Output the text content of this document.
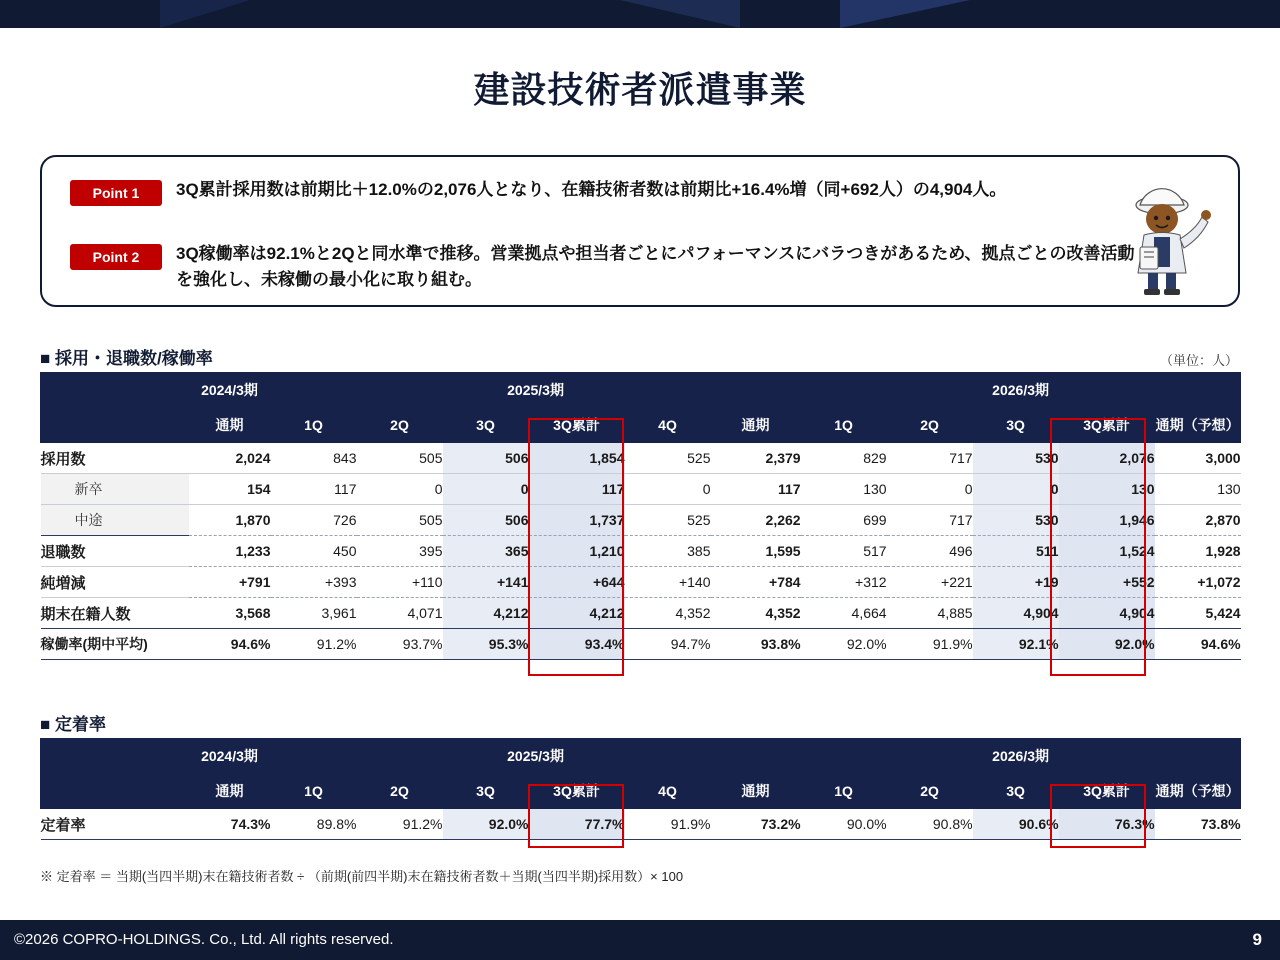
建設技術者派遣事業
Point 1	3Q累計採用数は前期比＋12.0%の2,076人となり、在籍技術者数は前期比+16.4%増（同+692人）の4,904人。
Point 2	3Q稼働率は92.1%と2Qと同水準で推移。営業拠点や担当者ごとにパフォーマンスにバラつきがあるため、拠点ごとの改善活動を強化し、未稼働の最小化に取り組む。
■ 採用・退職数/稼働率	（単位：人）
	2024/3期	2025/3期						2026/3期				
	通期	1Q	2Q	3Q	3Q累計	4Q	通期	1Q	2Q	3Q	3Q累計	通期（予想）
採用数	2,024	843	505	506	1,854	525	2,379	829	717	530	2,076	3,000
新卒	154	117	0	0	117	0	117	130	0	0	130	130
中途	1,870	726	505	506	1,737	525	2,262	699	717	530	1,946	2,870
退職数	1,233	450	395	365	1,210	385	1,595	517	496	511	1,524	1,928
純増減	+791	+393	+110	+141	+644	+140	+784	+312	+221	+19	+552	+1,072
期末在籍人数	3,568	3,961	4,071	4,212	4,212	4,352	4,352	4,664	4,885	4,904	4,904	5,424
稼働率(期中平均)	94.6%	91.2%	93.7%	95.3%	93.4%	94.7%	93.8%	92.0%	91.9%	92.1%	92.0%	94.6%
■ 定着率
	2024/3期	2025/3期						2026/3期				
	通期	1Q	2Q	3Q	3Q累計	4Q	通期	1Q	2Q	3Q	3Q累計	通期（予想）
定着率	74.3%	89.8%	91.2%	92.0%	77.7%	91.9%	73.2%	90.0%	90.8%	90.6%	76.3%	73.8%
※ 定着率 ＝ 当期(当四半期)末在籍技術者数 ÷ （前期(前四半期)末在籍技術者数＋当期(当四半期)採用数）× 100
©2026 COPRO-HOLDINGS. Co., Ltd. All rights reserved.	9
